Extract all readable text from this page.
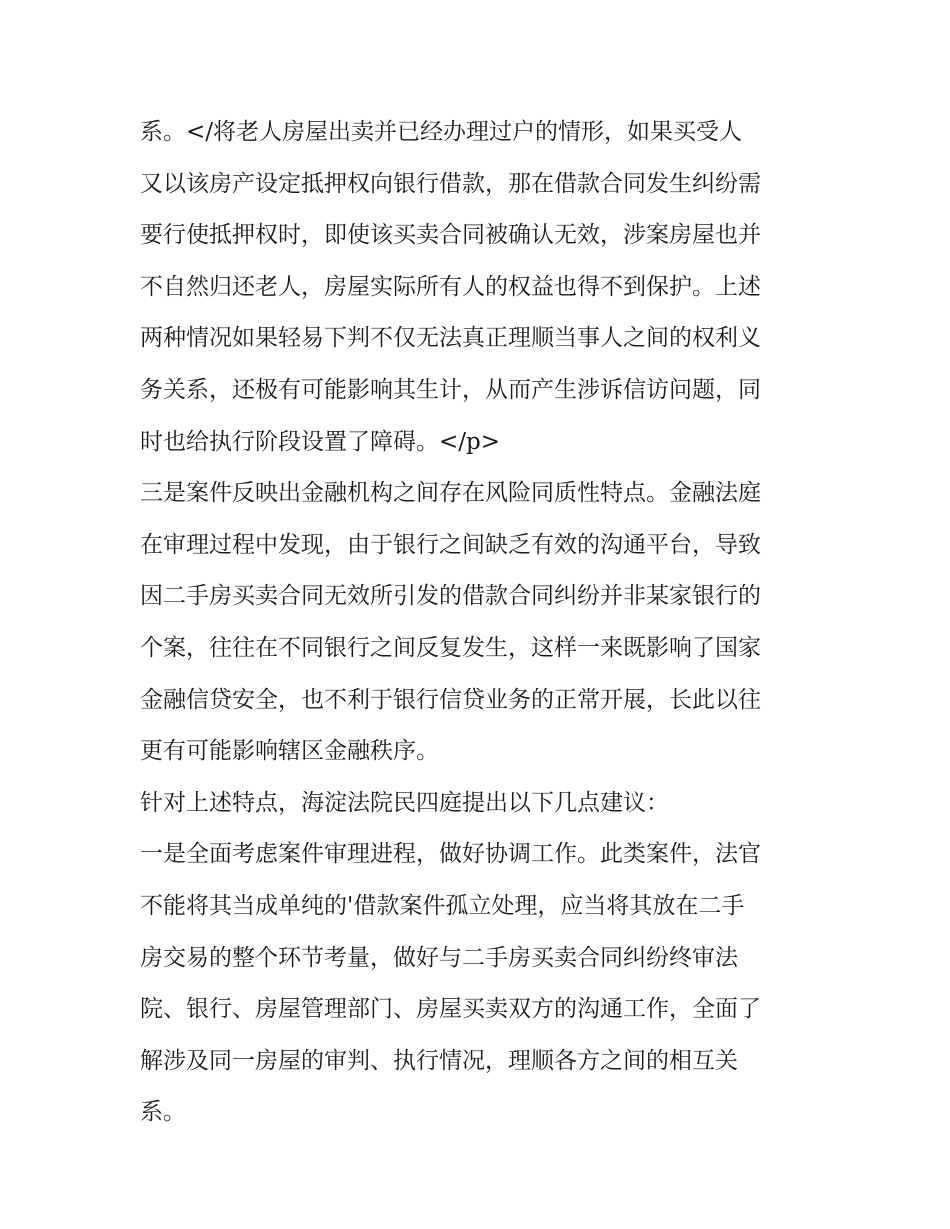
系。</将老人房屋出卖并已经办理过户的情形，如果买受人
又以该房产设定抵押权向银行借款，那在借款合同发生纠纷需
要行使抵押权时，即使该买卖合同被确认无效，涉案房屋也并
不自然归还老人，房屋实际所有人的权益也得不到保护。上述
两种情况如果轻易下判不仅无法真正理顺当事人之间的权利义
务关系，还极有可能影响其生计，从而产生涉诉信访问题，同
时也给执行阶段设置了障碍。</p>
三是案件反映出金融机构之间存在风险同质性特点。金融法庭
在审理过程中发现，由于银行之间缺乏有效的沟通平台，导致
因二手房买卖合同无效所引发的借款合同纠纷并非某家银行的
个案，往往在不同银行之间反复发生，这样一来既影响了国家
金融信贷安全，也不利于银行信贷业务的正常开展，长此以往
更有可能影响辖区金融秩序。
针对上述特点，海淀法院民四庭提出以下几点建议：
一是全面考虑案件审理进程，做好协调工作。此类案件，法官
不能将其当成单纯的'借款案件孤立处理，应当将其放在二手
房交易的整个环节考量，做好与二手房买卖合同纠纷终审法
院、银行、房屋管理部门、房屋买卖双方的沟通工作，全面了
解涉及同一房屋的审判、执行情况，理顺各方之间的相互关
系。
